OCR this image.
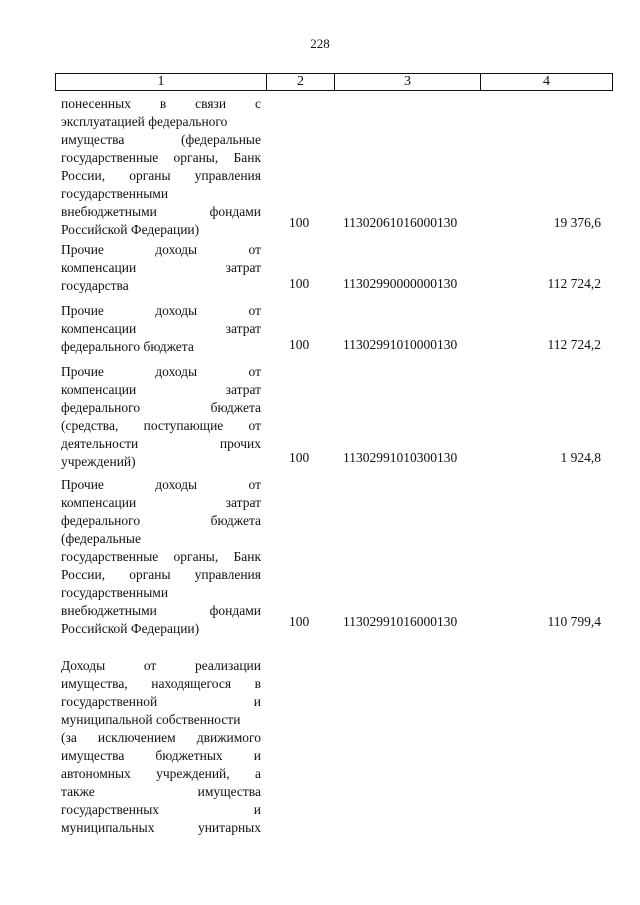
228
1	2	3	4
понесенных в связи с
эксплуатацией федерального
имущества (федеральные
государственные органы, Банк
России, органы управления
государственными
внебюджетными фондами
Российской Федерации)	100	11302061016000130	19 376,6
Прочие доходы от
компенсации затрат
государства	100	11302990000000130	112 724,2
Прочие доходы от
компенсации затрат
федерального бюджета	100	11302991010000130	112 724,2
Прочие доходы от
компенсации затрат
федерального бюджета
(средства, поступающие от
деятельности прочих
учреждений)	100	11302991010300130	1 924,8
Прочие доходы от
компенсации затрат
федерального бюджета
(федеральные
государственные органы, Банк
России, органы управления
государственными
внебюджетными фондами
Российской Федерации)	100	11302991016000130	110 799,4
Доходы от реализации
имущества, находящегося в
государственной и
муниципальной собственности
(за исключением движимого
имущества бюджетных и
автономных учреждений, а
также имущества
государственных и
муниципальных унитарных
